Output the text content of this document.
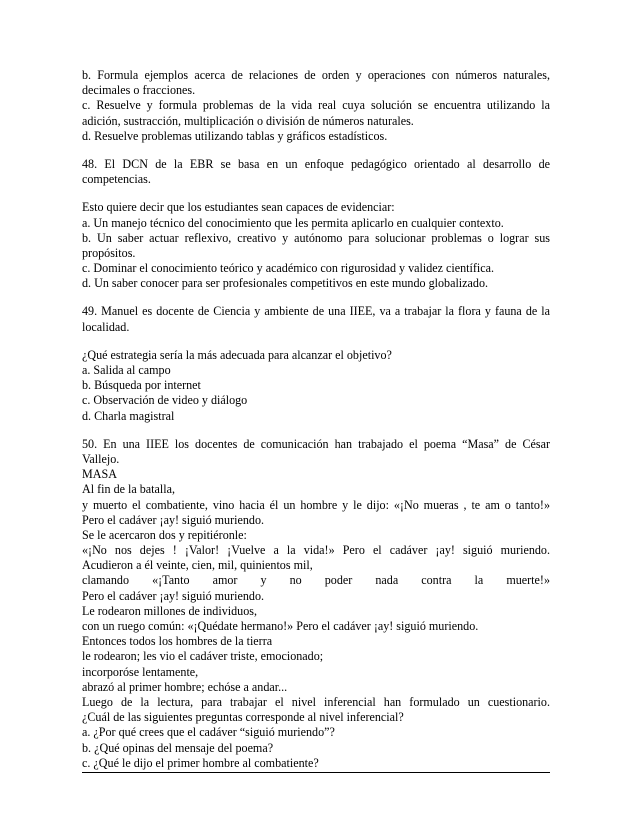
b. Formula ejemplos acerca de relaciones de orden y operaciones con números naturales,
decimales o fracciones.
c. Resuelve y formula problemas de la vida real cuya solución se encuentra utilizando la
adición, sustracción, multiplicación o división de números naturales.
d. Resuelve problemas utilizando tablas y gráficos estadísticos.
48. El DCN de la EBR se basa en un enfoque pedagógico orientado al desarrollo de
competencias.
Esto quiere decir que los estudiantes sean capaces de evidenciar:
a. Un manejo técnico del conocimiento que les permita aplicarlo en cualquier contexto.
b. Un saber actuar reflexivo, creativo y autónomo para solucionar problemas o lograr sus
propósitos.
c. Dominar el conocimiento teórico y académico con rigurosidad y validez científica.
d. Un saber conocer para ser profesionales competitivos en este mundo globalizado.
49. Manuel es docente de Ciencia y ambiente de una IIEE, va a trabajar la flora y fauna de la
localidad.
¿Qué estrategia sería la más adecuada para alcanzar el objetivo?
a. Salida al campo
b. Búsqueda por internet
c. Observación de video y diálogo
d. Charla magistral
50. En una IIEE los docentes de comunicación han trabajado el poema “Masa” de César
Vallejo.
MASA
Al fin de la batalla,
y muerto el combatiente, vino hacia él un hombre y le dijo: «¡No mueras , te am o tanto!»
Pero el cadáver ¡ay! siguió muriendo.
Se le acercaron dos y repitiéronle:
«¡No nos dejes ! ¡Valor! ¡Vuelve a la vida!» Pero el cadáver ¡ay! siguió muriendo.
Acudieron a él veinte, cien, mil, quinientos mil,
clamando «¡Tanto amor y no poder nada contra la muerte!»
Pero el cadáver ¡ay! siguió muriendo.
Le rodearon millones de individuos,
con un ruego común: «¡Quédate hermano!» Pero el cadáver ¡ay! siguió muriendo.
Entonces todos los hombres de la tierra
le rodearon; les vio el cadáver triste, emocionado;
incorporóse lentamente,
abrazó al primer hombre; echóse a andar...
Luego de la lectura, para trabajar el nivel inferencial han formulado un cuestionario.
¿Cuál de las siguientes preguntas corresponde al nivel inferencial?
a. ¿Por qué crees que el cadáver “siguió muriendo”?
b. ¿Qué opinas del mensaje del poema?
c. ¿Qué le dijo el primer hombre al combatiente?
